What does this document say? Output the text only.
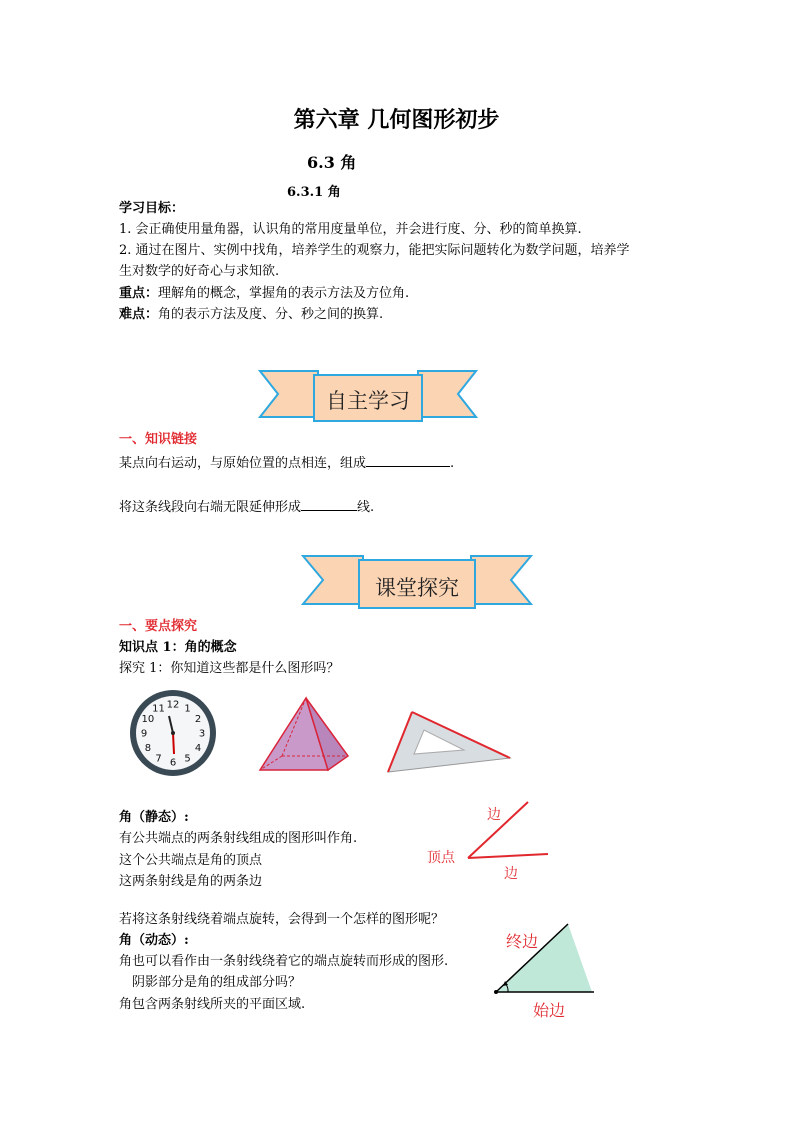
第六章 几何图形初步
6.3 角
6.3.1 角
学习目标：
1. 会正确使用量角器，认识角的常用度量单位，并会进行度、分、秒的简单换算.
2. 通过在图片、实例中找角，培养学生的观察力，能把实际问题转化为数学问题，培养学
生对数学的好奇心与求知欲.
重点：理解角的概念，掌握角的表示方法及方位角.
难点：角的表示方法及度、分、秒之间的换算.
自主学习
一、知识链接
某点向右运动，与原始位置的点相连，组成	.
将这条线段向右端无限延伸形成	线.
课堂探究
一、要点探究
知识点 1：角的概念
探究 1：你知道这些都是什么图形吗？
12 1
2
3
4
5
6
7
8
9
10
11
角（静态）:
有公共端点的两条射线组成的图形叫作角.
这个公共端点是角的顶点
这两条射线是角的两条边
边
顶点
边
若将这条射线绕着端点旋转，会得到一个怎样的图形呢？
角（动态）:
角也可以看作由一条射线绕着它的端点旋转而形成的图形.
阴影部分是角的组成部分吗？
角包含两条射线所夹的平面区域.
终边
始边
